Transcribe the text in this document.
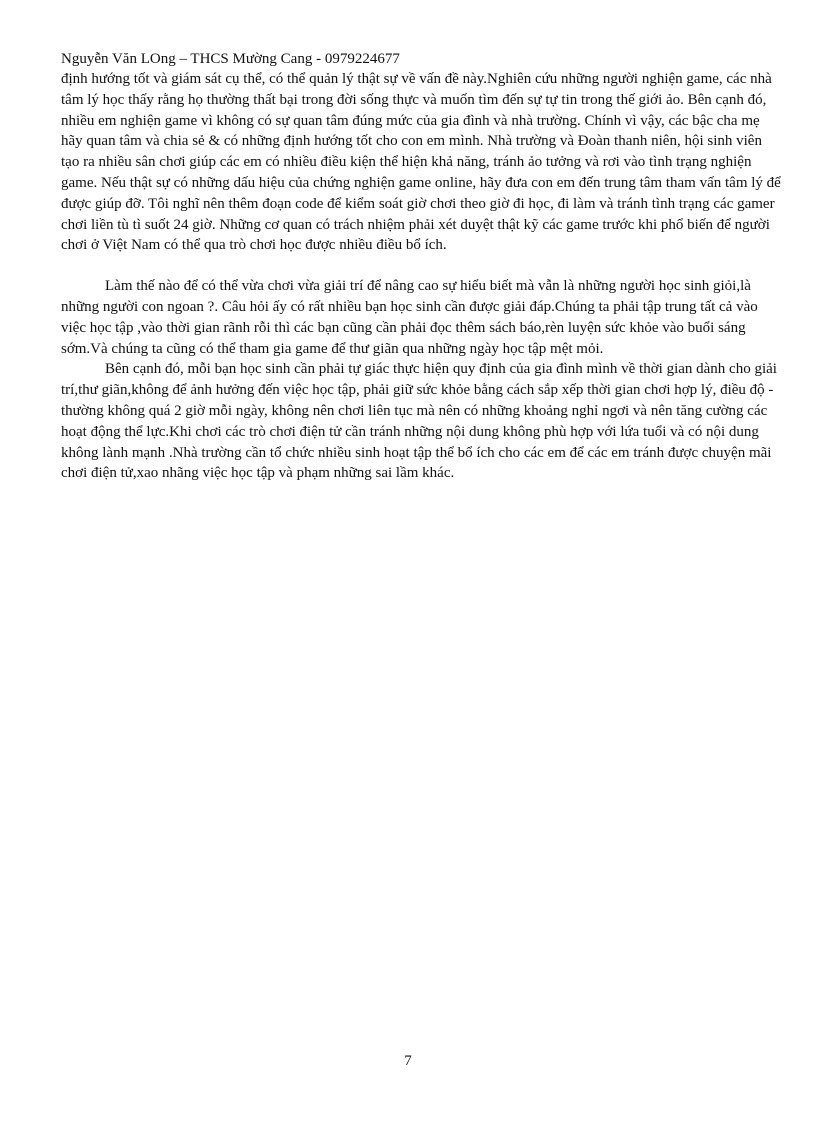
Nguyễn Văn LOng – THCS Mường Cang - 0979224677

định hướng tốt và giám sát cụ thể, có thể quản lý thật sự về vấn đề này.Nghiên cứu những người nghiện game, các nhà tâm lý học thấy rằng họ thường thất bại trong đời sống thực và muốn tìm đến sự tự tin trong thế giới ảo. Bên cạnh đó, nhiều em nghiện game vì không có sự quan tâm đúng mức của gia đình và nhà trường. Chính vì vậy, các bậc cha mẹ hãy quan tâm và chia sẻ & có những định hướng tốt cho con em mình. Nhà trường và Đoàn thanh niên, hội sinh viên tạo ra nhiều sân chơi giúp các em có nhiều điều kiện thể hiện khả năng, tránh ảo tưởng và rơi vào tình trạng nghiện game. Nếu thật sự có những dấu hiệu của chứng nghiện game online, hãy đưa con em đến trung tâm tham vấn tâm lý để được giúp đỡ. Tôi nghĩ nên thêm đoạn code để kiểm soát giờ chơi theo giờ đi học, đi làm và tránh tình trạng các gamer chơi liền tù tì suốt 24 giờ. Những cơ quan có trách nhiệm phải xét duyệt thật kỹ các game trước khi phổ biến để người chơi ở Việt Nam có thể qua trò chơi học được nhiều điều bổ ích.

Làm thế nào để có thể vừa chơi vừa giải trí để nâng cao sự hiểu biết mà vẫn là những người học sinh giỏi,là những người con ngoan ?. Câu hỏi ấy có rất nhiều bạn học sinh cần được giải đáp.Chúng ta phải tập trung tất cả vào việc học tập ,vào thời gian rãnh rỗi thì các bạn cũng cần phải đọc thêm sách báo,rèn luyện sức khỏe vào buổi sáng sớm.Và chúng ta cũng có thể tham gia game để thư giãn qua những ngày học tập mệt mỏi.

Bên cạnh đó, mỗi bạn học sinh cần phải tự giác thực hiện quy định của gia đình mình về thời gian dành cho giải trí,thư giãn,không để ảnh hưởng đến việc học tập, phải giữ sức khỏe bằng cách sắp xếp thời gian chơi hợp lý, điều độ - thường không quá 2 giờ mỗi ngày, không nên chơi liên tục mà nên có những khoảng nghỉ ngơi và nên tăng cường các hoạt động thể lực.Khi chơi các trò chơi điện tử cần tránh những nội dung không phù hợp với lứa tuổi và có nội dung không lành mạnh .Nhà trường cần tổ chức nhiều sinh hoạt tập thể bổ ích cho các em để các em tránh được chuyện mãi chơi điện tử,xao nhãng việc học tập và phạm những sai lầm khác.

7
